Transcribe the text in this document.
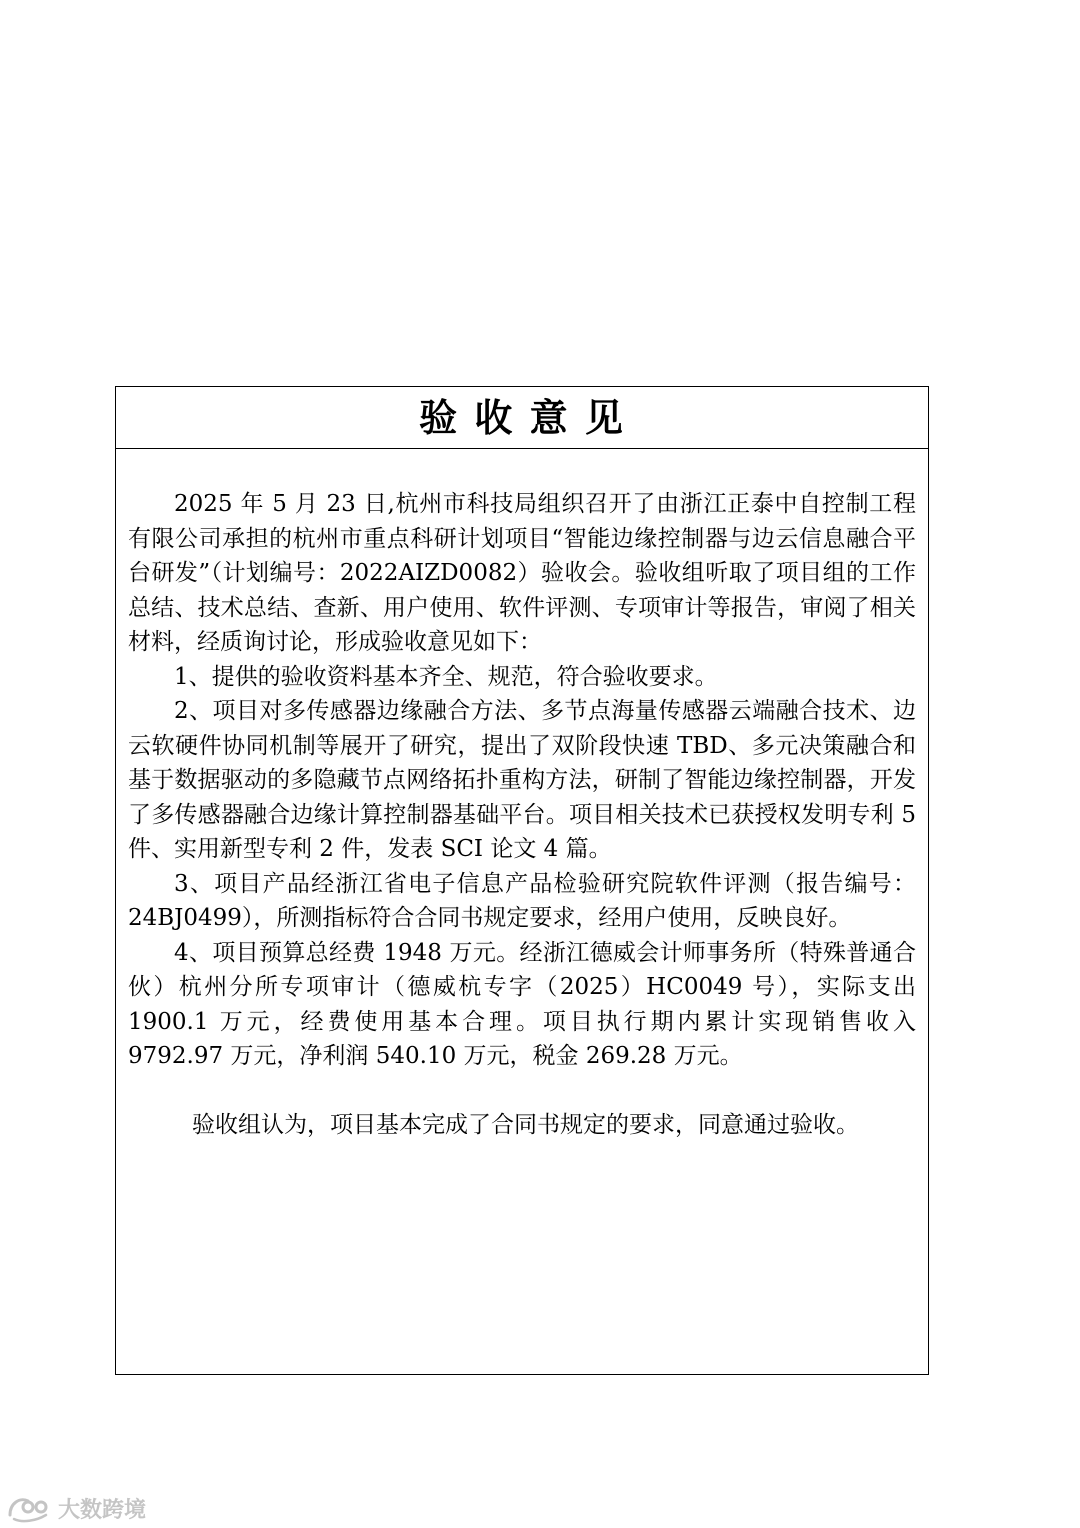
验 收 意 见

2025 年 5 月 23 日,杭州市科技局组织召开了由浙江正泰中自控制工程有限公司承担的杭州市重点科研计划项目“智能边缘控制器与边云信息融合平台研发”（计划编号：2022AIZD0082）验收会。验收组听取了项目组的工作总结、技术总结、查新、用户使用、软件评测、专项审计等报告，审阅了相关材料，经质询讨论，形成验收意见如下：

1、提供的验收资料基本齐全、规范，符合验收要求。

2、项目对多传感器边缘融合方法、多节点海量传感器云端融合技术、边云软硬件协同机制等展开了研究，提出了双阶段快速 TBD、多元决策融合和基于数据驱动的多隐藏节点网络拓扑重构方法，研制了智能边缘控制器，开发了多传感器融合边缘计算控制器基础平台。项目相关技术已获授权发明专利 5 件、实用新型专利 2 件，发表 SCI 论文 4 篇。

3、项目产品经浙江省电子信息产品检验研究院软件评测（报告编号：24BJ0499），所测指标符合合同书规定要求，经用户使用，反映良好。

4、项目预算总经费 1948 万元。经浙江德威会计师事务所（特殊普通合伙）杭州分所专项审计（德威杭专字（2025）HC0049 号），实际支出 1900.1 万元，经费使用基本合理。项目执行期内累计实现销售收入 9792.97 万元，净利润 540.10 万元，税金 269.28 万元。

验收组认为，项目基本完成了合同书规定的要求，同意通过验收。

大数跨境
